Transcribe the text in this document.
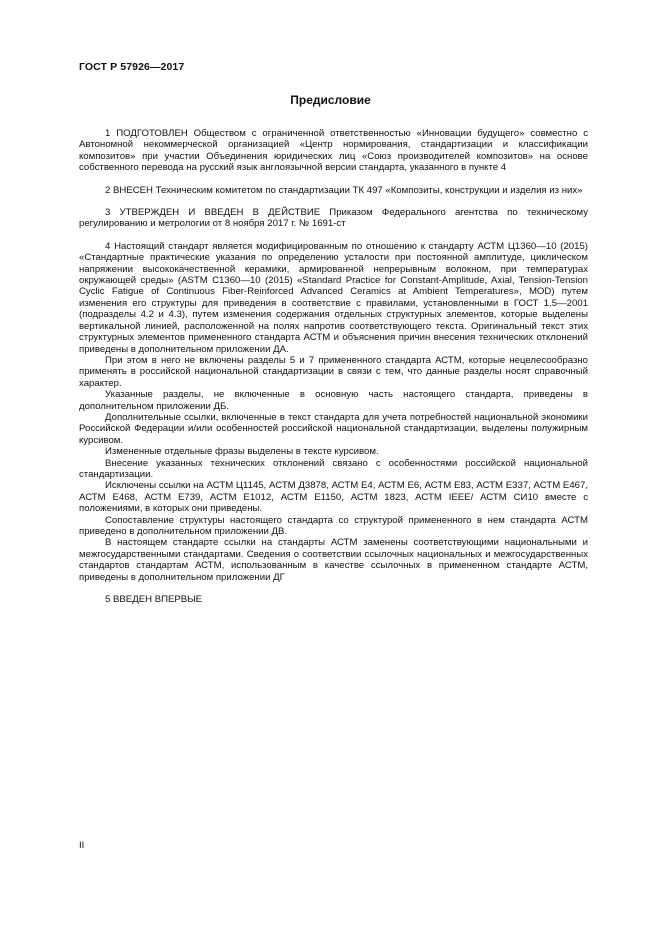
ГОСТ Р 57926—2017
Предисловие

1 ПОДГОТОВЛЕН Обществом с ограниченной ответственностью «Инновации будущего» совместно с Автономной некоммерческой организацией «Центр нормирования, стандартизации и классификации композитов» при участии Объединения юридических лиц «Союз производителей композитов» на основе собственного перевода на русский язык англоязычной версии стандарта, указанного в пункте 4

2 ВНЕСЕН Техническим комитетом по стандартизации ТК 497 «Композиты, конструкции и изделия из них»

3 УТВЕРЖДЕН И ВВЕДЕН В ДЕЙСТВИЕ Приказом Федерального агентства по техническому регулированию и метрологии от 8 ноября 2017 г. № 1691-ст

4 Настоящий стандарт является модифицированным по отношению к стандарту АСТМ Ц1360—10 (2015) «Стандартные практические указания по определению усталости при постоянной амплитуде, циклическом напряжении высококачественной керамики, армированной непрерывным волокном, при температурах окружающей среды» (ASTM C1360—10 (2015) «Standard Practice for Constant-Amplitude, Axial, Tension-Tension Cyclic Fatigue of Continuous Fiber-Reinforced Advanced Ceramics at Ambient Temperatures», MOD) путем изменения его структуры для приведения в соответствие с правилами, установленными в ГОСТ 1.5—2001 (подразделы 4.2 и 4.3), путем изменения содержания отдельных структурных элементов, которые выделены вертикальной линией, расположенной на полях напротив соответствующего текста. Оригинальный текст этих структурных элементов примененного стандарта АСТМ и объяснения причин внесения технических отклонений приведены в дополнительном приложении ДА.

При этом в него не включены разделы 5 и 7 примененного стандарта АСТМ, которые нецелесообразно применять в российской национальной стандартизации в связи с тем, что данные разделы носят справочный характер.

Указанные разделы, не включенные в основную часть настоящего стандарта, приведены в дополнительном приложении ДБ.

Дополнительные ссылки, включенные в текст стандарта для учета потребностей национальной экономики Российской Федерации и/или особенностей российской национальной стандартизации, выделены полужирным курсивом.

Измененные отдельные фразы выделены в тексте курсивом.

Внесение указанных технических отклонений связано с особенностями российской национальной стандартизации.

Исключены ссылки на АСТМ Ц1145, АСТМ Д3878, АСТМ Е4, АСТМ Е6, АСТМ Е83, АСТМ Е337, АСТМ Е467, АСТМ Е468, АСТМ Е739, АСТМ Е1012, АСТМ Е1150, АСТМ 1823, АСТМ IEEE/ АСТМ СИ10 вместе с положениями, в которых они приведены.

Сопоставление структуры настоящего стандарта со структурой примененного в нем стандарта АСТМ приведено в дополнительном приложении ДВ.

В настоящем стандарте ссылки на стандарты АСТМ заменены соответствующими национальными и межгосударственными стандартами. Сведения о соответствии ссылочных национальных и межгосударственных стандартов стандартам АСТМ, использованным в качестве ссылочных в примененном стандарте АСТМ, приведены в дополнительном приложении ДГ

5 ВВЕДЕН ВПЕРВЫЕ

II
